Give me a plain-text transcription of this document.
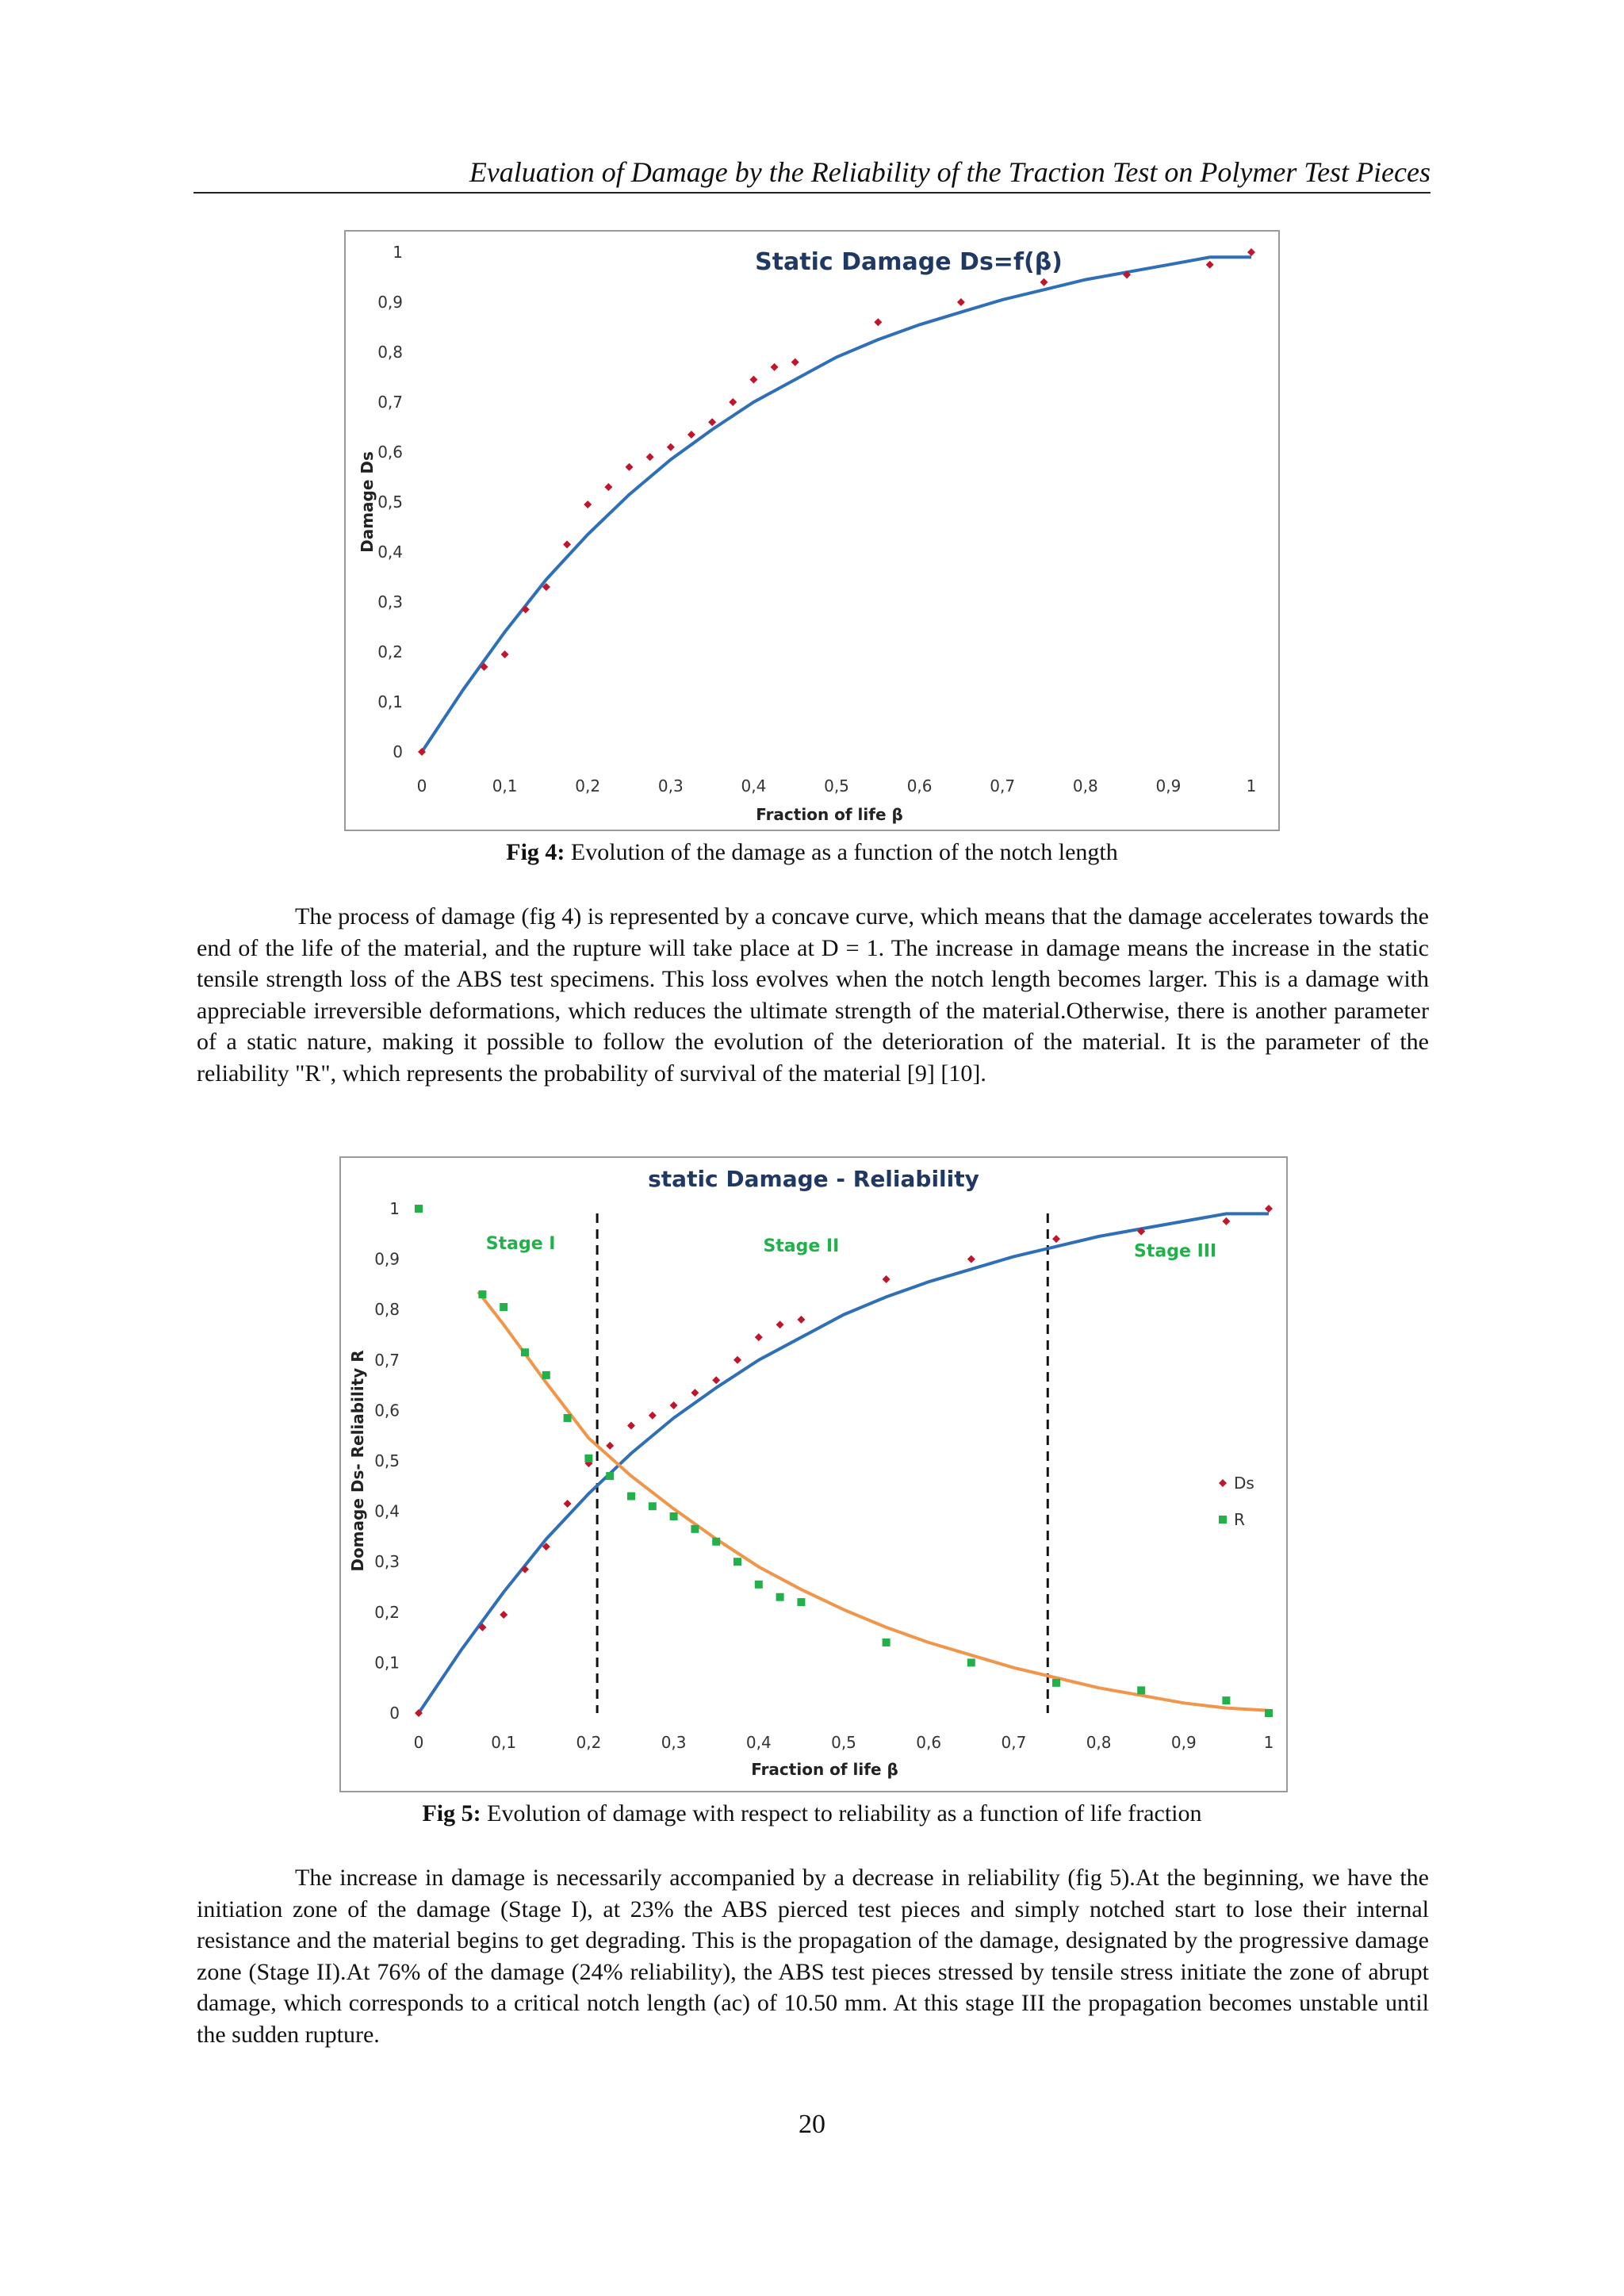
Evaluation of Damage by the Reliability of the Traction Test on Polymer Test Pieces
Static Damage Ds=f(β)
0
0,1
0,2
0,3
0,4
0,5
0,6
0,7
0,8
0,9
1
0	0,1	0,2	0,3	0,4	0,5	0,6	0,7	0,8	0,9	1
Fraction of life β
Damage Ds
Fig 4: Evolution of the damage as a function of the notch length

The process of damage (fig 4) is represented by a concave curve, which means that the damage accelerates towards the end of the life of the material, and the rupture will take place at D = 1. The increase in damage means the increase in the static tensile strength loss of the ABS test specimens. This loss evolves when the notch length becomes larger. This is a damage with appreciable irreversible deformations, which reduces the ultimate strength of the material.Otherwise, there is another parameter of a static nature, making it possible to follow the evolution of the deterioration of the material. It is the parameter of the reliability "R", which represents the probability of survival of the material [9] [10].

static Damage - Reliability
0
0,1
0,2
0,3
0,4
0,5
0,6
0,7
0,8
0,9
1
0	0,1	0,2	0,3	0,4	0,5	0,6	0,7	0,8	0,9	1
Fraction of life β
Domage Ds- Reliability R
Stage I	Stage II	Stage III
Ds
R
Fig 5: Evolution of damage with respect to reliability as a function of life fraction

The increase in damage is necessarily accompanied by a decrease in reliability (fig 5).At the beginning, we have the initiation zone of the damage (Stage I), at 23% the ABS pierced test pieces and simply notched start to lose their internal resistance and the material begins to get degrading. This is the propagation of the damage, designated by the progressive damage zone (Stage II).At 76% of the damage (24% reliability), the ABS test pieces stressed by tensile stress initiate the zone of abrupt damage, which corresponds to a critical notch length (ac) of 10.50 mm. At this stage III the propagation becomes unstable until the sudden rupture.

20
